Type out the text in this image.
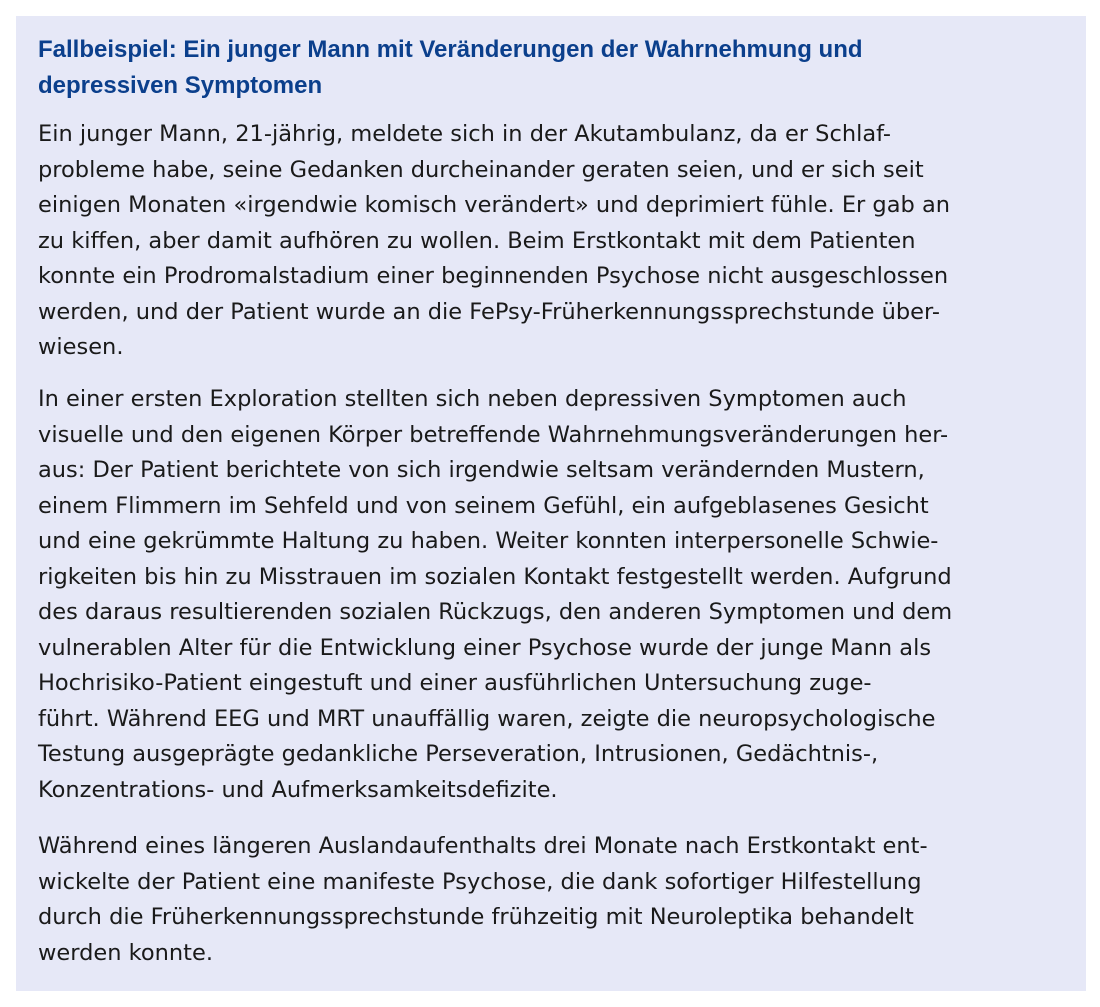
Fallbeispiel: Ein junger Mann mit Veränderungen der Wahrnehmung und
depressiven Symptomen

Ein junger Mann, 21-jährig, meldete sich in der Akutambulanz, da er Schlaf-
probleme habe, seine Gedanken durcheinander geraten seien, und er sich seit
einigen Monaten «irgendwie komisch verändert» und deprimiert fühle. Er gab an
zu kiffen, aber damit aufhören zu wollen. Beim Erstkontakt mit dem Patienten
konnte ein Prodromalstadium einer beginnenden Psychose nicht ausgeschlossen
werden, und der Patient wurde an die FePsy-Früherkennungssprechstunde über-
wiesen.

In einer ersten Exploration stellten sich neben depressiven Symptomen auch
visuelle und den eigenen Körper betreffende Wahrnehmungsveränderungen her-
aus: Der Patient berichtete von sich irgendwie seltsam verändernden Mustern,
einem Flimmern im Sehfeld und von seinem Gefühl, ein aufgeblasenes Gesicht
und eine gekrümmte Haltung zu haben. Weiter konnten interpersonelle Schwie-
rigkeiten bis hin zu Misstrauen im sozialen Kontakt festgestellt werden. Aufgrund
des daraus resultierenden sozialen Rückzugs, den anderen Symptomen und dem
vulnerablen Alter für die Entwicklung einer Psychose wurde der junge Mann als
Hochrisiko-Patient eingestuft und einer ausführlichen Untersuchung zuge-
führt. Während EEG und MRT unauffällig waren, zeigte die neuropsychologische
Testung ausgeprägte gedankliche Perseveration, Intrusionen, Gedächtnis-,
Konzentrations- und Aufmerksamkeitsdefizite.

Während eines längeren Auslandaufenthalts drei Monate nach Erstkontakt ent-
wickelte der Patient eine manifeste Psychose, die dank sofortiger Hilfestellung
durch die Früherkennungssprechstunde frühzeitig mit Neuroleptika behandelt
werden konnte.
